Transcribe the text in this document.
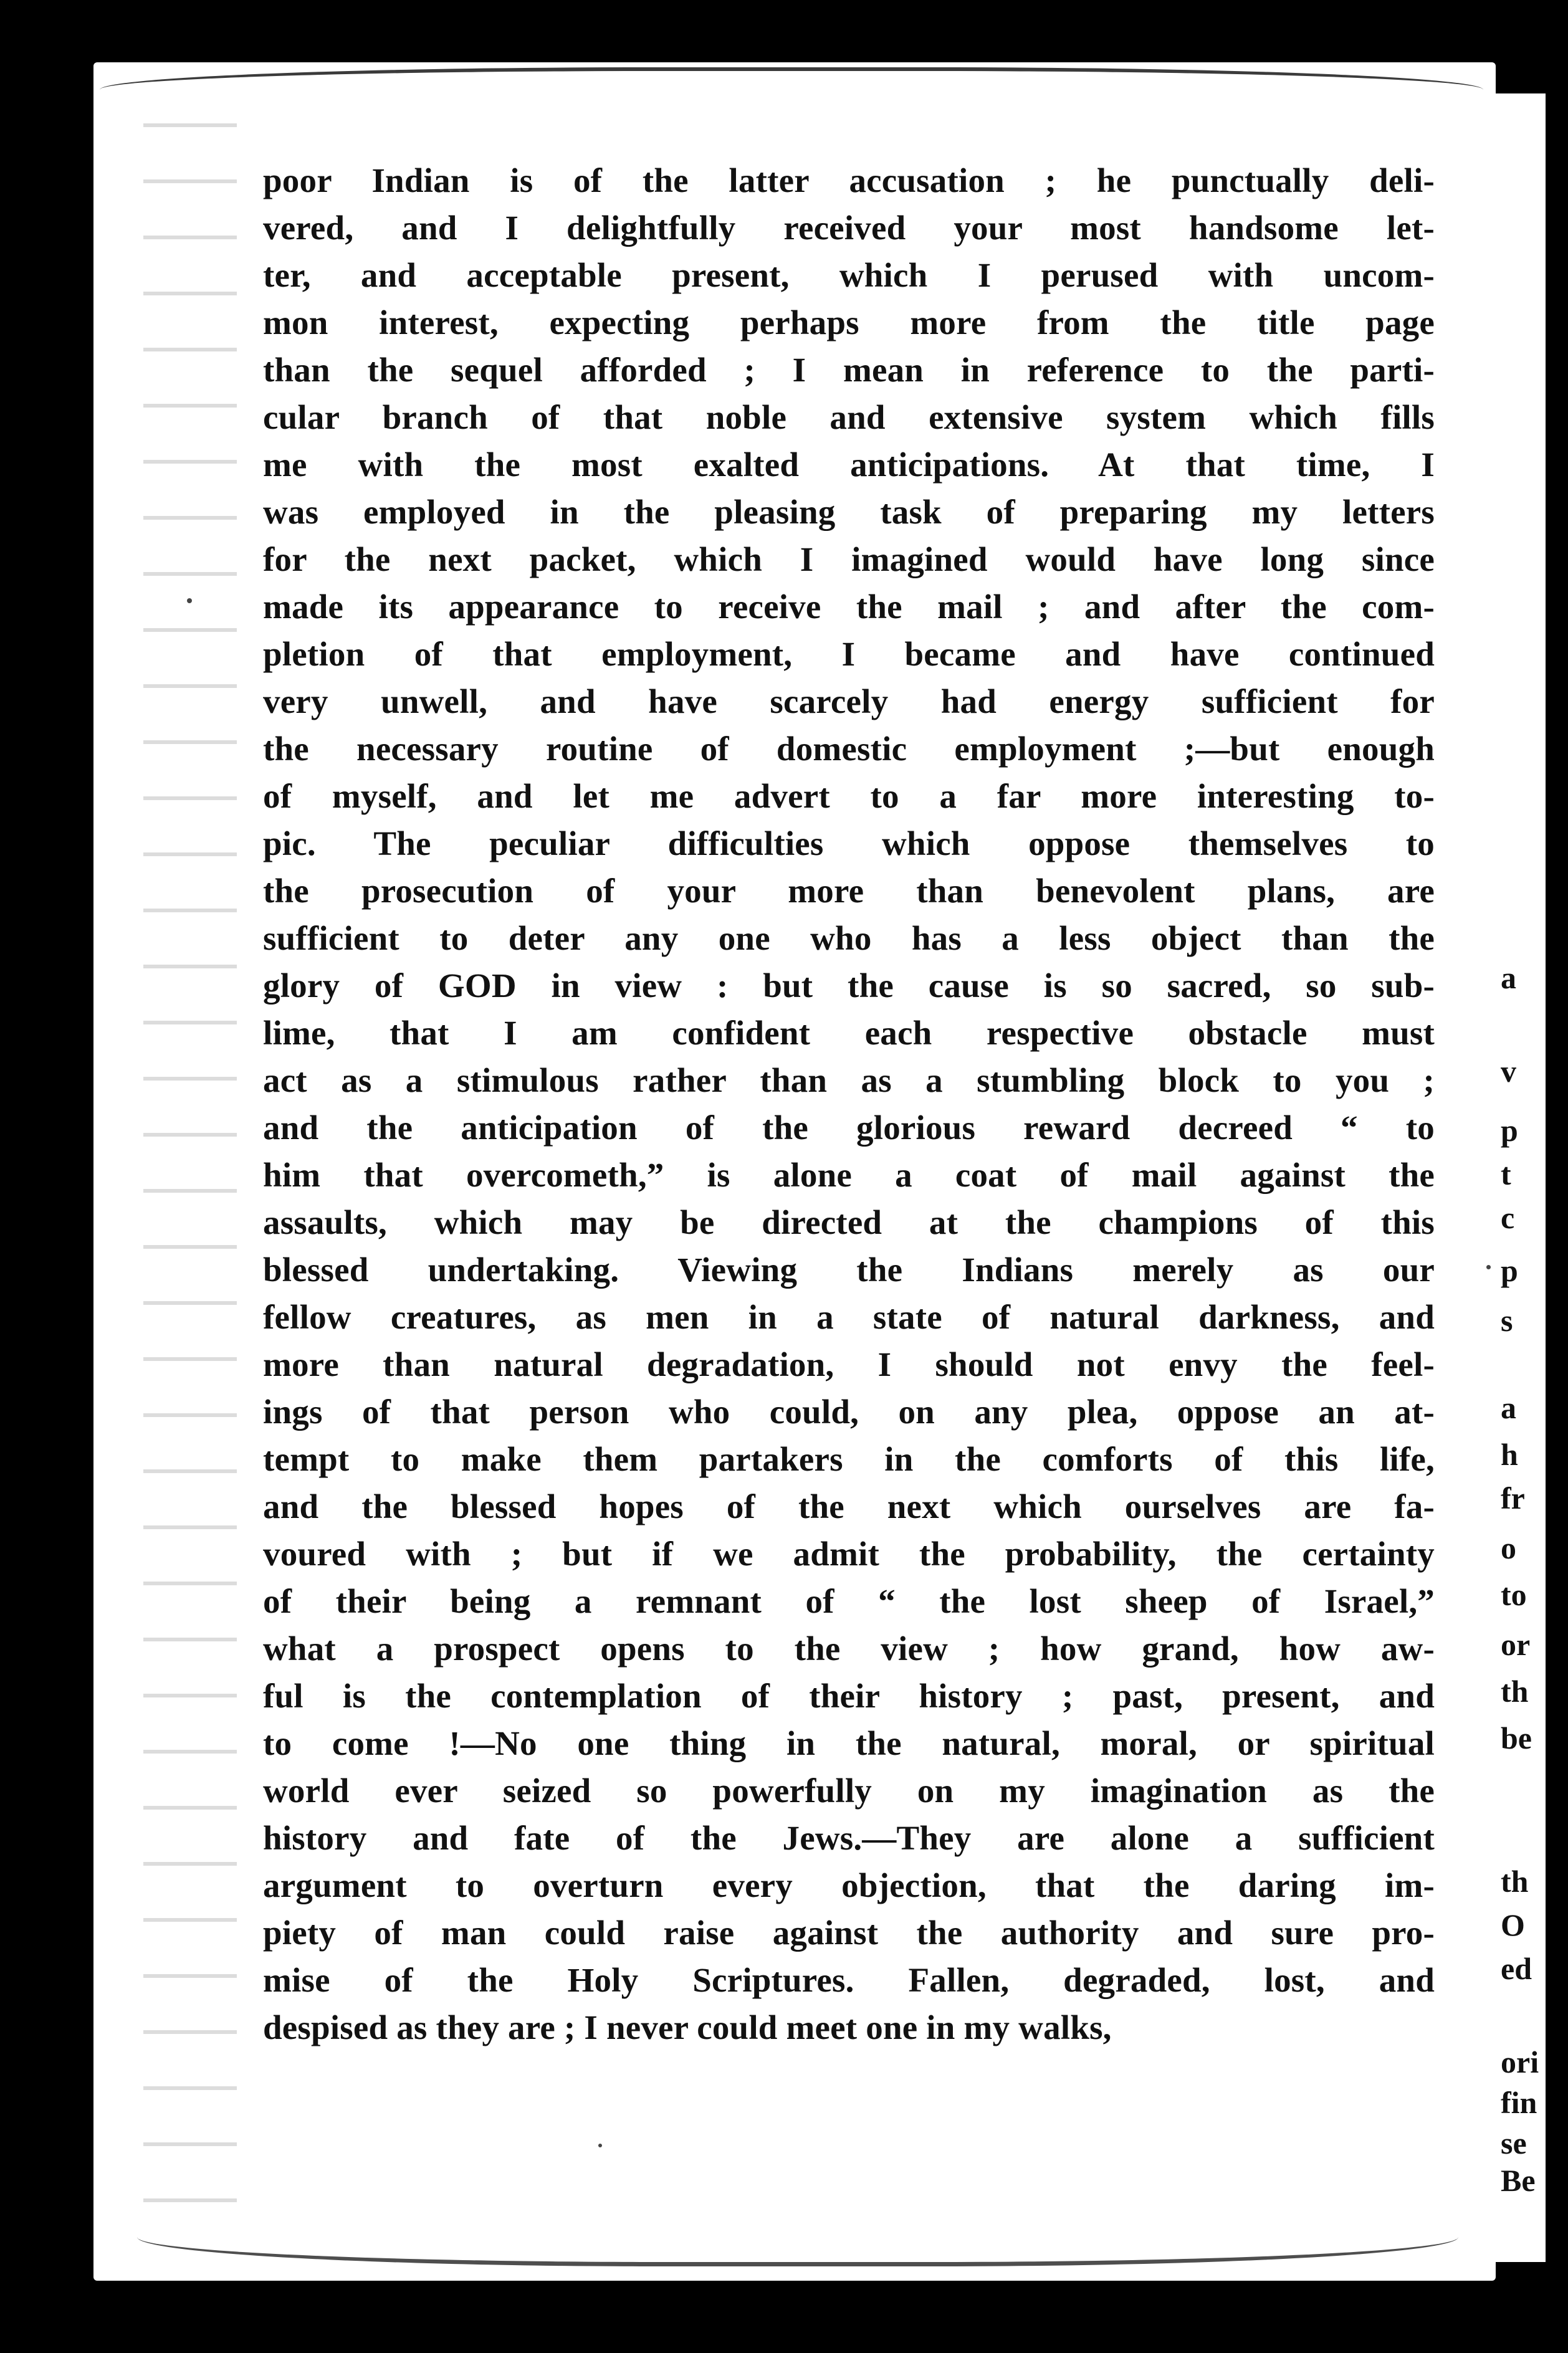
poor Indian is of the latter accusation ; he punctually deli-
vered, and I delightfully received your most handsome let-
ter, and acceptable present, which I perused with uncom-
mon interest, expecting perhaps more from the title page
than the sequel afforded ; I mean in reference to the parti-
cular branch of that noble and extensive system which fills
me with the most exalted anticipations. At that time, I
was employed in the pleasing task of preparing my letters
for the next packet, which I imagined would have long since
made its appearance to receive the mail ; and after the com-
pletion of that employment, I became and have continued
very unwell, and have scarcely had energy sufficient for
the necessary routine of domestic employment ;—but enough
of myself, and let me advert to a far more interesting to-
pic. The peculiar difficulties which oppose themselves to
the prosecution of your more than benevolent plans, are
sufficient to deter any one who has a less object than the
glory of GOD in view : but the cause is so sacred, so sub-
lime, that I am confident each respective obstacle must
act as a stimulous rather than as a stumbling block to you ;
and the anticipation of the glorious reward decreed “ to
him that overcometh,” is alone a coat of mail against the
assaults, which may be directed at the champions of this
blessed undertaking. Viewing the Indians merely as our
fellow creatures, as men in a state of natural darkness, and
more than natural degradation, I should not envy the feel-
ings of that person who could, on any plea, oppose an at-
tempt to make them partakers in the comforts of this life,
and the blessed hopes of the next which ourselves are fa-
voured with ; but if we admit the probability, the certainty
of their being a remnant of “ the lost sheep of Israel,”
what a prospect opens to the view ; how grand, how aw-
ful is the contemplation of their history ; past, present, and
to come !—No one thing in the natural, moral, or spiritual
world ever seized so powerfully on my imagination as the
history and fate of the Jews.—They are alone a sufficient
argument to overturn every objection, that the daring im-
piety of man could raise against the authority and sure pro-
mise of the Holy Scriptures. Fallen, degraded, lost, and
despised as they are ; I never could meet one in my walks,
a
v
p
t
c
p
s
a
h
fr
o
to
or
th
be
th
O
ed
ori
fin
se
Be
